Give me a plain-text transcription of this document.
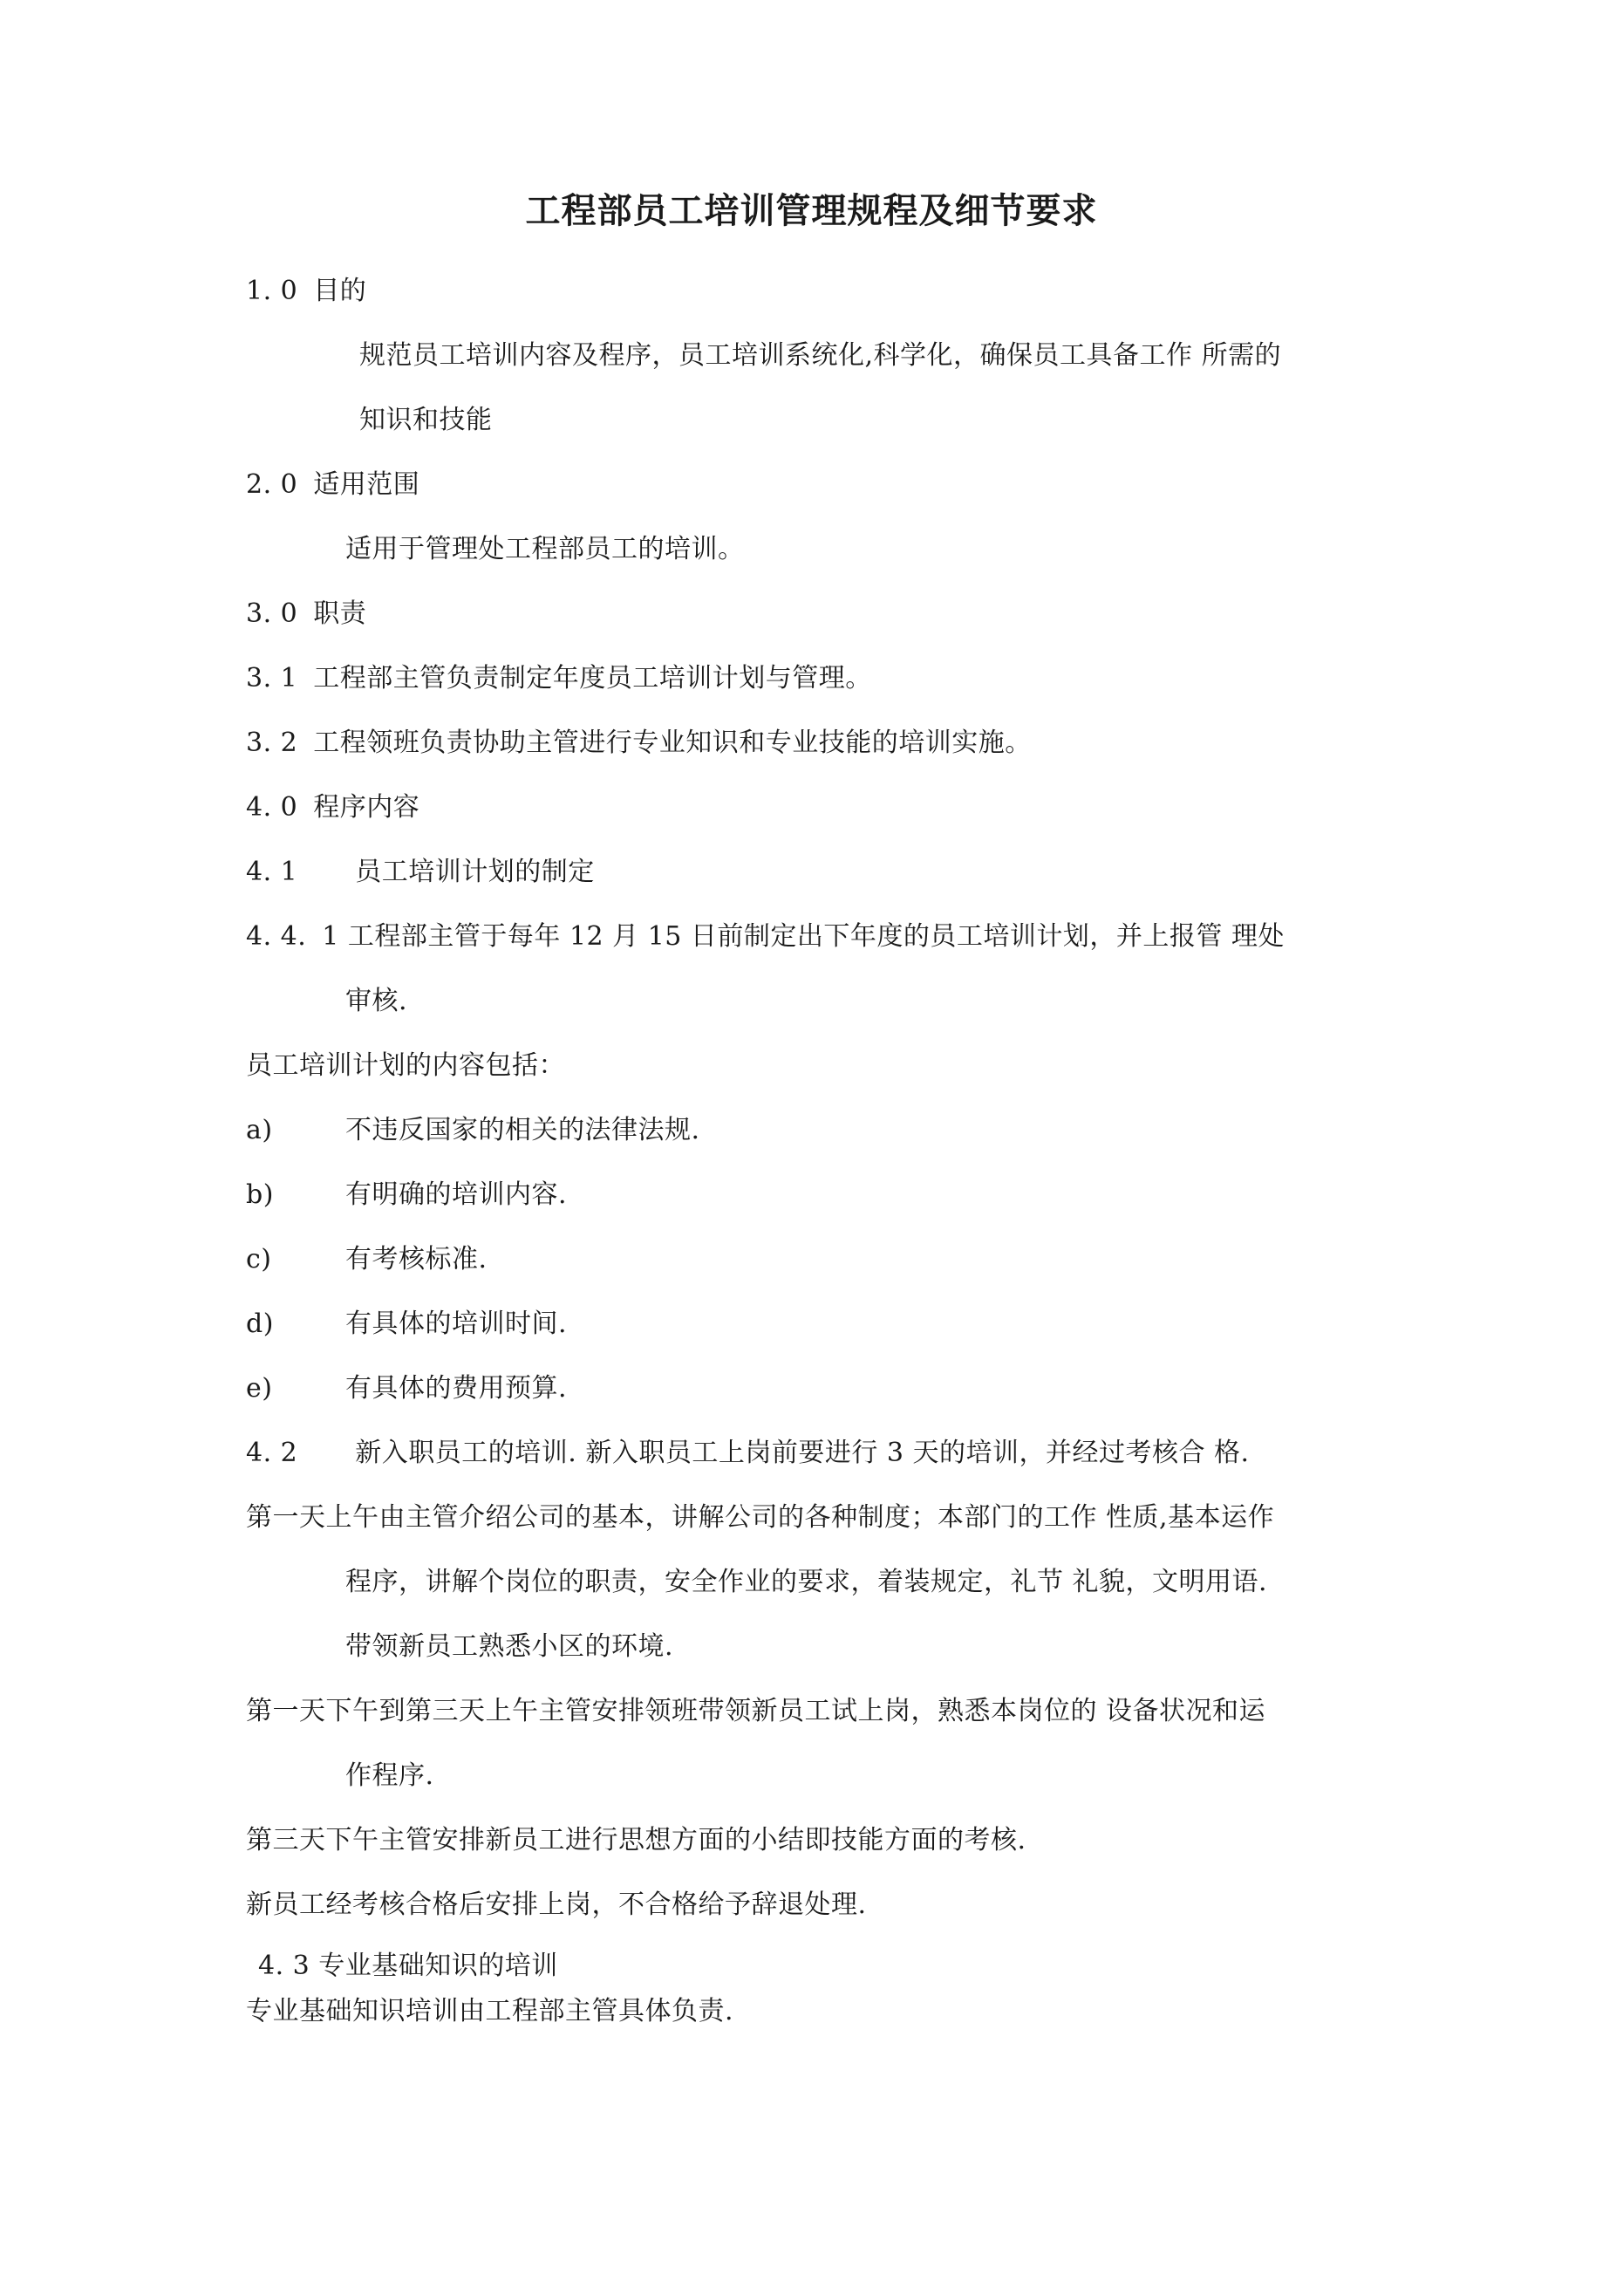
工程部员工培训管理规程及细节要求

1. 0 目的

规范员工培训内容及程序，员工培训系统化,科学化，确保员工具备工作 所需的

知识和技能

2. 0 适用范围

适用于管理处工程部员工的培训。

3. 0 职责

3. 1 工程部主管负责制定年度员工培训计划与管理。

3. 2 工程领班负责协助主管进行专业知识和专业技能的培训实施。

4. 0 程序内容

4. 1 员工培训计划的制定

4. 4. 1 工程部主管于每年 12 月 15 日前制定出下年度的员工培训计划，并上报管 理处

审核.

员工培训计划的内容包括：

a)	不违反国家的相关的法律法规.

b)	有明确的培训内容.

c)	有考核标准.

d)	有具体的培训时间.

e)	有具体的费用预算.

4. 2 新入职员工的培训. 新入职员工上岗前要进行 3 天的培训，并经过考核合 格.

第一天上午由主管介绍公司的基本，讲解公司的各种制度；本部门的工作 性质,基本运作

程序，讲解个岗位的职责，安全作业的要求，着装规定，礼节 礼貌，文明用语.

带领新员工熟悉小区的环境.

第一天下午到第三天上午主管安排领班带领新员工试上岗，熟悉本岗位的 设备状况和运

作程序.

第三天下午主管安排新员工进行思想方面的小结即技能方面的考核.

新员工经考核合格后安排上岗，不合格给予辞退处理.

4. 3 专业基础知识的培训

专业基础知识培训由工程部主管具体负责.
